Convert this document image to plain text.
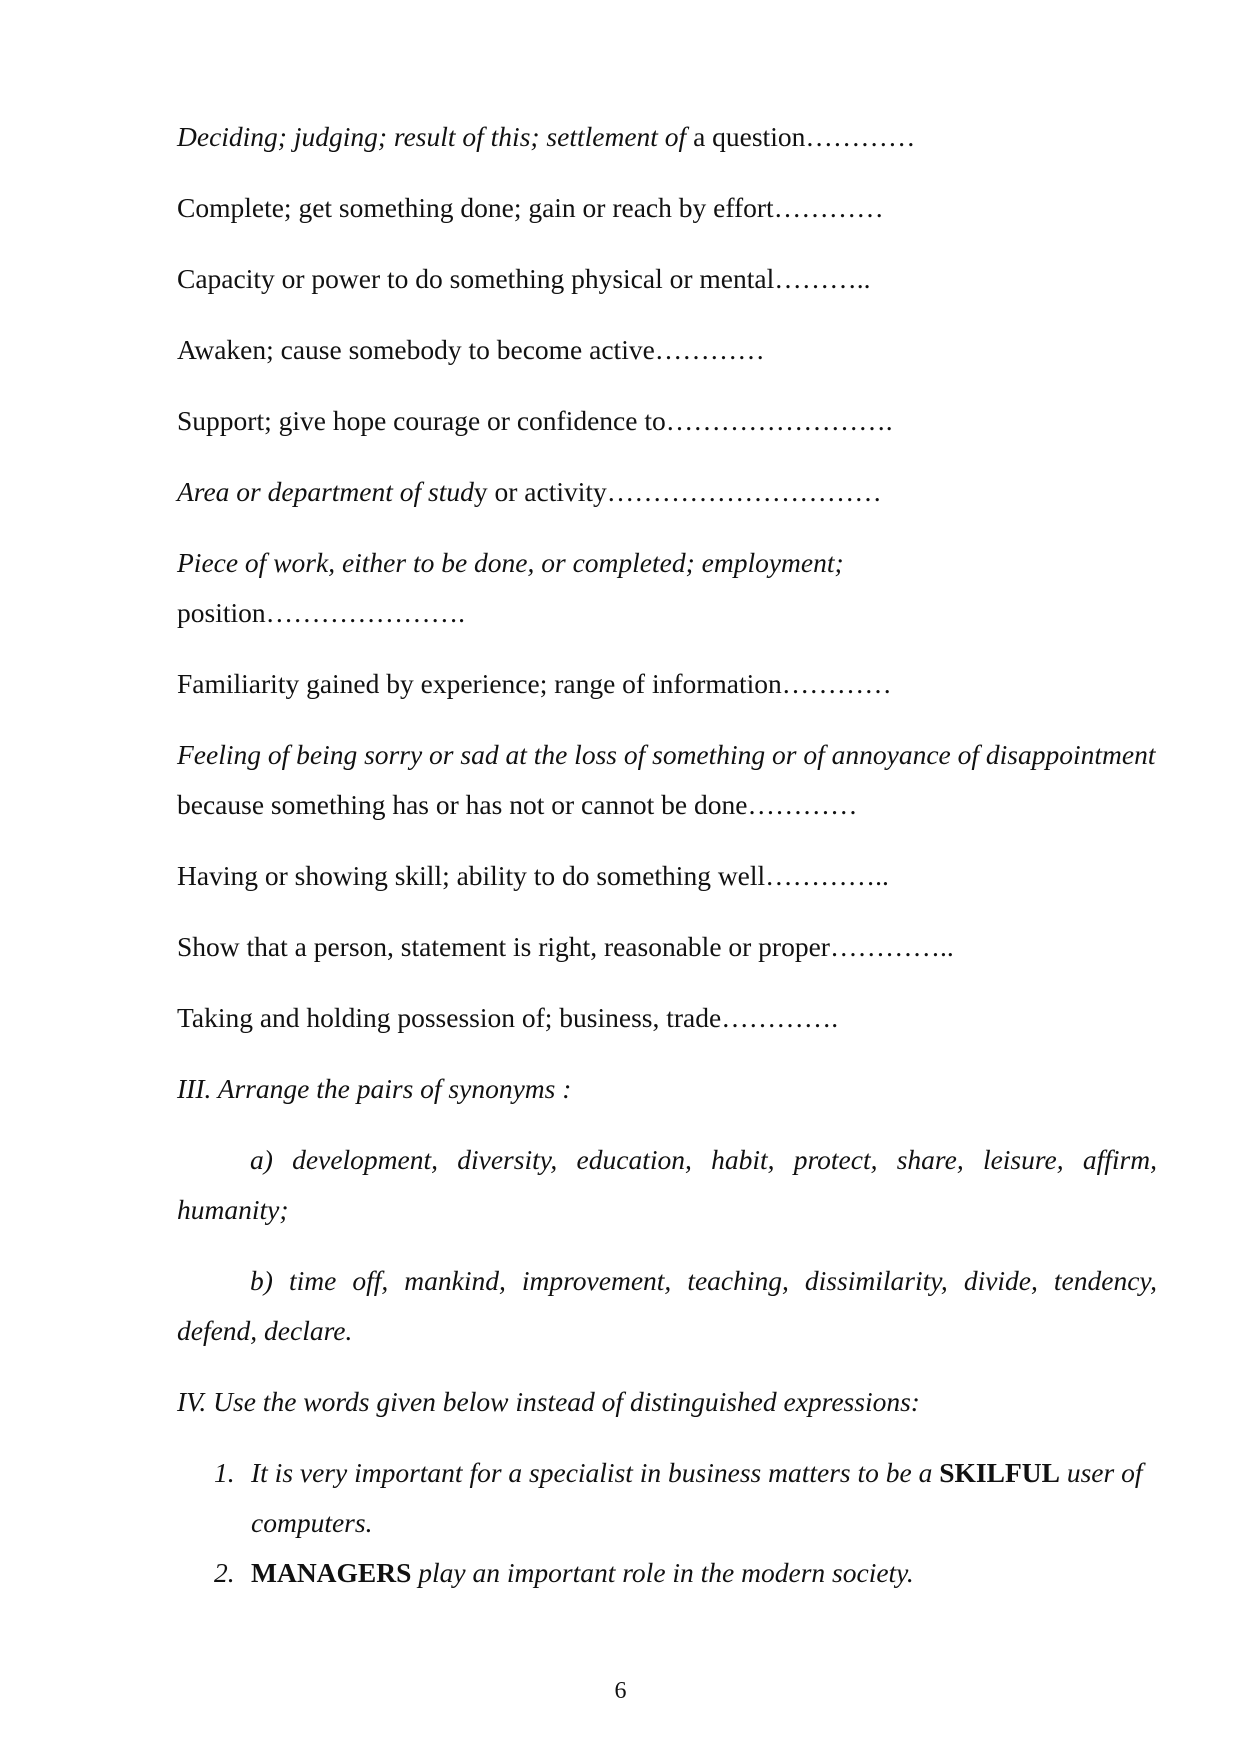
Deciding; judging; result of this; settlement of a question…………

Complete; get something done; gain or reach by effort…………

Capacity or power to do something physical or mental………..

Awaken; cause somebody to become active…………

Support; give hope courage or confidence to…………………….

Area or department of study or activity…………………………

Piece of work, either to be done, or completed; employment;
position………………….

Familiarity gained by experience; range of information…………

Feeling of being sorry or sad at the loss of something or of annoyance of disappointment because something has or has not or cannot be done…………

Having or showing skill; ability to do something well…………..

Show that a person, statement is right, reasonable or proper…………..

Taking and holding possession of; business, trade………….

III. Arrange the pairs of synonyms :

a) development, diversity, education, habit, protect, share, leisure, affirm, humanity;

b) time off, mankind, improvement, teaching, dissimilarity, divide, tendency, defend, declare.

IV. Use the words given below instead of distinguished expressions:

1. It is very important for a specialist in business matters to be a SKILFUL user of computers.
2. MANAGERS play an important role in the modern society.
6
